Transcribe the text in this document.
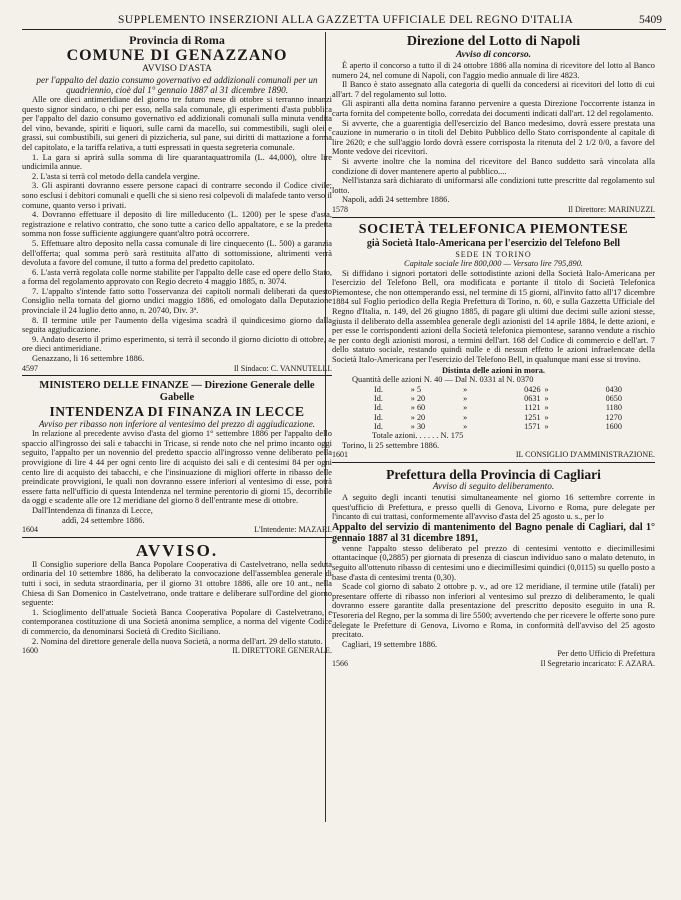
SUPPLEMENTO INSERZIONI ALLA GAZZETTA UFFICIALE DEL REGNO D'ITALIA	5409
Provincia di Roma
COMUNE DI GENAZZANO
AVVISO D'ASTA
per l'appalto del dazio consumo governativo ed addizionali comunali per un quadriennio, cioè dal 1° gennaio 1887 al 31 dicembre 1890.

Alle ore dieci antimeridiane del giorno tre futuro mese di ottobre si terranno innanzi questo signor sindaco, o chi per esso, nella sala comunale, gli esperimenti d'asta pubblica per l'appalto del dazio consumo governativo ed addizionali comunali sulla minuta vendita del vino, bevande, spiriti e liquori, sulle carni da macello, sui commestibili, sugli olei e grassi, sui combustibili, sui generi di pizzicheria, sul pane, sui diritti di mattazione a forma del capitolato, e la tariffa relativa, a tutti espressati in questa segreteria comunale.

1. La gara si aprirà sulla somma di lire quarantaquattromila (L. 44,000), oltre lire undicimila annue.

2. L'asta si terrà col metodo della candela vergine.

3. Gli aspiranti dovranno essere persone capaci di contrarre secondo il Codice civile; sono esclusi i debitori comunali e quelli che si sieno resi colpevoli di malafede tanto verso il comune, quanto verso i privati.

4. Dovranno effettuare il deposito di lire milleducento (L. 1200) per le spese d'asta, registrazione e relativo contratto, che sono tutte a carico dello appaltatore, e se la predetta somma non fosse sufficiente aggiungere quant'altro potrà occorrere.

5. Effettuare altro deposito nella cassa comunale di lire cinquecento (L. 500) a garanzia dell'offerta; qual somma però sarà restituita all'atto di sottomissione, altrimenti verrà devoluta a favore del comune, il tutto a forma del predetto capitolato.

6. L'asta verrà regolata colle norme stabilite per l'appalto delle case ed opere dello Stato, a forma del regolamento approvato con Regio decreto 4 maggio 1885, n. 3074.

7. L'appalto s'intende fatto sotto l'osservanza dei capitoli normali deliberati da questo Consiglio nella tornata del giorno undici maggio 1886, ed omologato dalla Deputazione provinciale il 24 luglio detto anno, n. 20740, Div. 3ª.

8. Il termine utile per l'aumento della vigesima scadrà il quindicesimo giorno dalla seguita aggiudicazione.

9. Andato deserto il primo esperimento, si terrà il secondo il giorno diciotto di ottobre, a ore dieci antimeridiane.

Genazzano, li 16 settembre 1886.

4597	Il Sindaco: C. VANNUTELLI.
MINISTERO DELLE FINANZE — Direzione Generale delle Gabelle
INTENDENZA DI FINANZA IN LECCE
Avviso per ribasso non inferiore al ventesimo del prezzo di aggiudicazione.

In relazione al precedente avviso d'asta del giorno 1° settembre 1886 per l'appalto dello spaccio all'ingrosso dei sali e tabacchi in Tricase, si rende noto che nel primo incanto oggi seguito, l'appalto per un novennio del predetto spaccio all'ingrosso venne deliberato pella provvigione di lire 4 44 per ogni cento lire di acquisto dei sali e di centesimi 84 per ogni cento lire di acquisto dei tabacchi, e che l'insinuazione di migliori offerte in ribasso delle preindicate provvigioni, le quali non dovranno essere inferiori al ventesimo di esse, potrà essere fatta nell'ufficio di questa Intendenza nel termine perentorio di giorni 15, decorribile da oggi e scadente alle ore 12 meridiane del giorno 8 dell'entrante mese di ottobre.

Dall'Intendenza di finanza di Lecce,

addì, 24 settembre 1886.

1604	L'Intendente: MAZARI.
AVVISO.

Il Consiglio superiore della Banca Popolare Cooperativa di Castelvetrano, nella seduta ordinaria del 10 settembre 1886, ha deliberato la convocazione dell'assemblea generale di tutti i soci, in seduta straordinaria, per il giorno 31 ottobre 1886, alle ore 10 ant., nella Chiesa di San Domenico in Castelvetrano, onde trattare e deliberare sull'ordine del giorno seguente:

1. Scioglimento dell'attuale Società Banca Cooperativa Popolare di Castelvetrano, e contemporanea costituzione di una Società anonima semplice, a norma del vigente Codice di commercio, da denominarsi Società di Credito Siciliano.

2. Nomina del direttore generale della nuova Società, a norma dell'art. 29 dello statuto.

1600	IL DIRETTORE GENERALE.
Direzione del Lotto di Napoli
Avviso di concorso.

È aperto il concorso a tutto il di 24 ottobre 1886 alla nomina di ricevitore del lotto al Banco numero 24, nel comune di Napoli, con l'aggio medio annuale di lire 4823.

Il Banco è stato assegnato alla categoria di quelli da concedersi ai ricevitori del lotto di cui all'art. 7 del regolamento sul lotto.

Gli aspiranti alla detta nomina faranno pervenire a questa Direzione l'occorrente istanza in carta fornita del competente bollo, corredata dei documenti indicati dall'art. 12 del regolamento.

Si avverte, che a guarentigia dell'esercizio del Banco medesimo, dovrà essere prestata una cauzione in numerario o in titoli del Debito Pubblico dello Stato corrispondente al capitale di lire 2620; e che sull'aggio lordo dovrà essere corrisposta la ritenuta del 2 1/2 0/0, a favore del Monte vedove dei ricevitori.

Si avverte inoltre che la nomina del ricevitore del Banco suddetto sarà vincolata alla condizione di dover mantenere aperto al pubblico....

Nell'istanza sarà dichiarato di uniformarsi alle condizioni tutte prescritte dal regolamento sul lotto.

Napoli, addì 24 settembre 1886.

1578	Il Direttore: MARINUZZI.
SOCIETÀ TELEFONICA PIEMONTESE
già Società Italo-Americana per l'esercizio del Telefono Bell
SEDE IN TORINO
Capitale sociale lire 800,000 — Versato lire 795,890.

Si diffidano i signori portatori delle sottodistinte azioni della Società Italo-Americana per l'esercizio del Telefono Bell, ora modificata e portante il titolo di Società Telefonica Piemontese, che non ottemperando essi, nel termine di 15 giorni, all'invito fatto all'17 dicembre 1884 sul Foglio periodico della Regia Prefettura di Torino, n. 60, e sulla Gazzetta Ufficiale del Regno d'Italia, n. 149, del 26 giugno 1885, di pagare gli ultimi due decimi sulle azioni stesse, giusta il deliberato della assemblea generale degli azionisti del 14 aprile 1884, le dette azioni, e per esse le corrispondenti azioni della Società telefonica piemontese, saranno vendute a rischio e per conto degli azionisti morosi, a termini dell'art. 168 del Codice di commercio e dell'art. 7 dello statuto sociale, restando quindi nulle e di nessun effetto le azioni infraelencate della Società Italo-Americana per l'esercizio del Telefono Bell, in qualunque mani esse si trovino.

Distinta delle azioni in mora.
Quantità delle azioni N. 40 — Dal N. 0331 al N. 0370
Id.	» 5	»	0426	»	0430
Id.	» 20	»	0631	»	0650
Id.	» 60	»	1121	»	1180
Id.	» 20	»	1251	»	1270
Id.	» 30	»	1571	»	1600
Totale azioni. . . . . . N. 175

Torino, li 25 settembre 1886.

1601	IL CONSIGLIO D'AMMINISTRAZIONE.
Prefettura della Provincia di Cagliari
Avviso di seguito deliberamento.

A seguito degli incanti tenutisi simultaneamente nel giorno 16 settembre corrente in quest'ufficio di Prefettura, e presso quelli di Genova, Livorno e Roma, pure delegate per l'incanto di cui trattasi, conformemente all'avviso d'asta del 25 agosto u. s., per lo

Appalto del servizio di mantenimento del Bagno penale di Cagliari, dal 1° gennaio 1887 al 31 dicembre 1891,

venne l'appalto stesso deliberato pel prezzo di centesimi ventotto e diecimillesimi ottantacinque (0,2885) per giornata di presenza di ciascun individuo sano o malato detenuto, in seguito all'ottenuto ribasso di centesimi uno e diecimillesimi quindici (0,0115) su quello posto a base d'asta di centesimi trenta (0,30).

Scade col giorno di sabato 2 ottobre p. v., ad ore 12 meridiane, il termine utile (fatali) per presentare offerte di ribasso non inferiori al ventesimo sul prezzo di deliberamento, le quali dovranno essere garantite dalla presentazione del prescritto deposito eseguito in una R. Tesoreria del Regno, per la somma di lire 5500; avvertendo che per ricevere le offerte sono pure delegate le Prefetture di Genova, Livorno e Roma, in conformità dell'avviso del 25 agosto precitato.

Cagliari, 19 settembre 1886.

Per detto Ufficio di Prefettura
1566	Il Segretario incaricato: F. AZARA.
